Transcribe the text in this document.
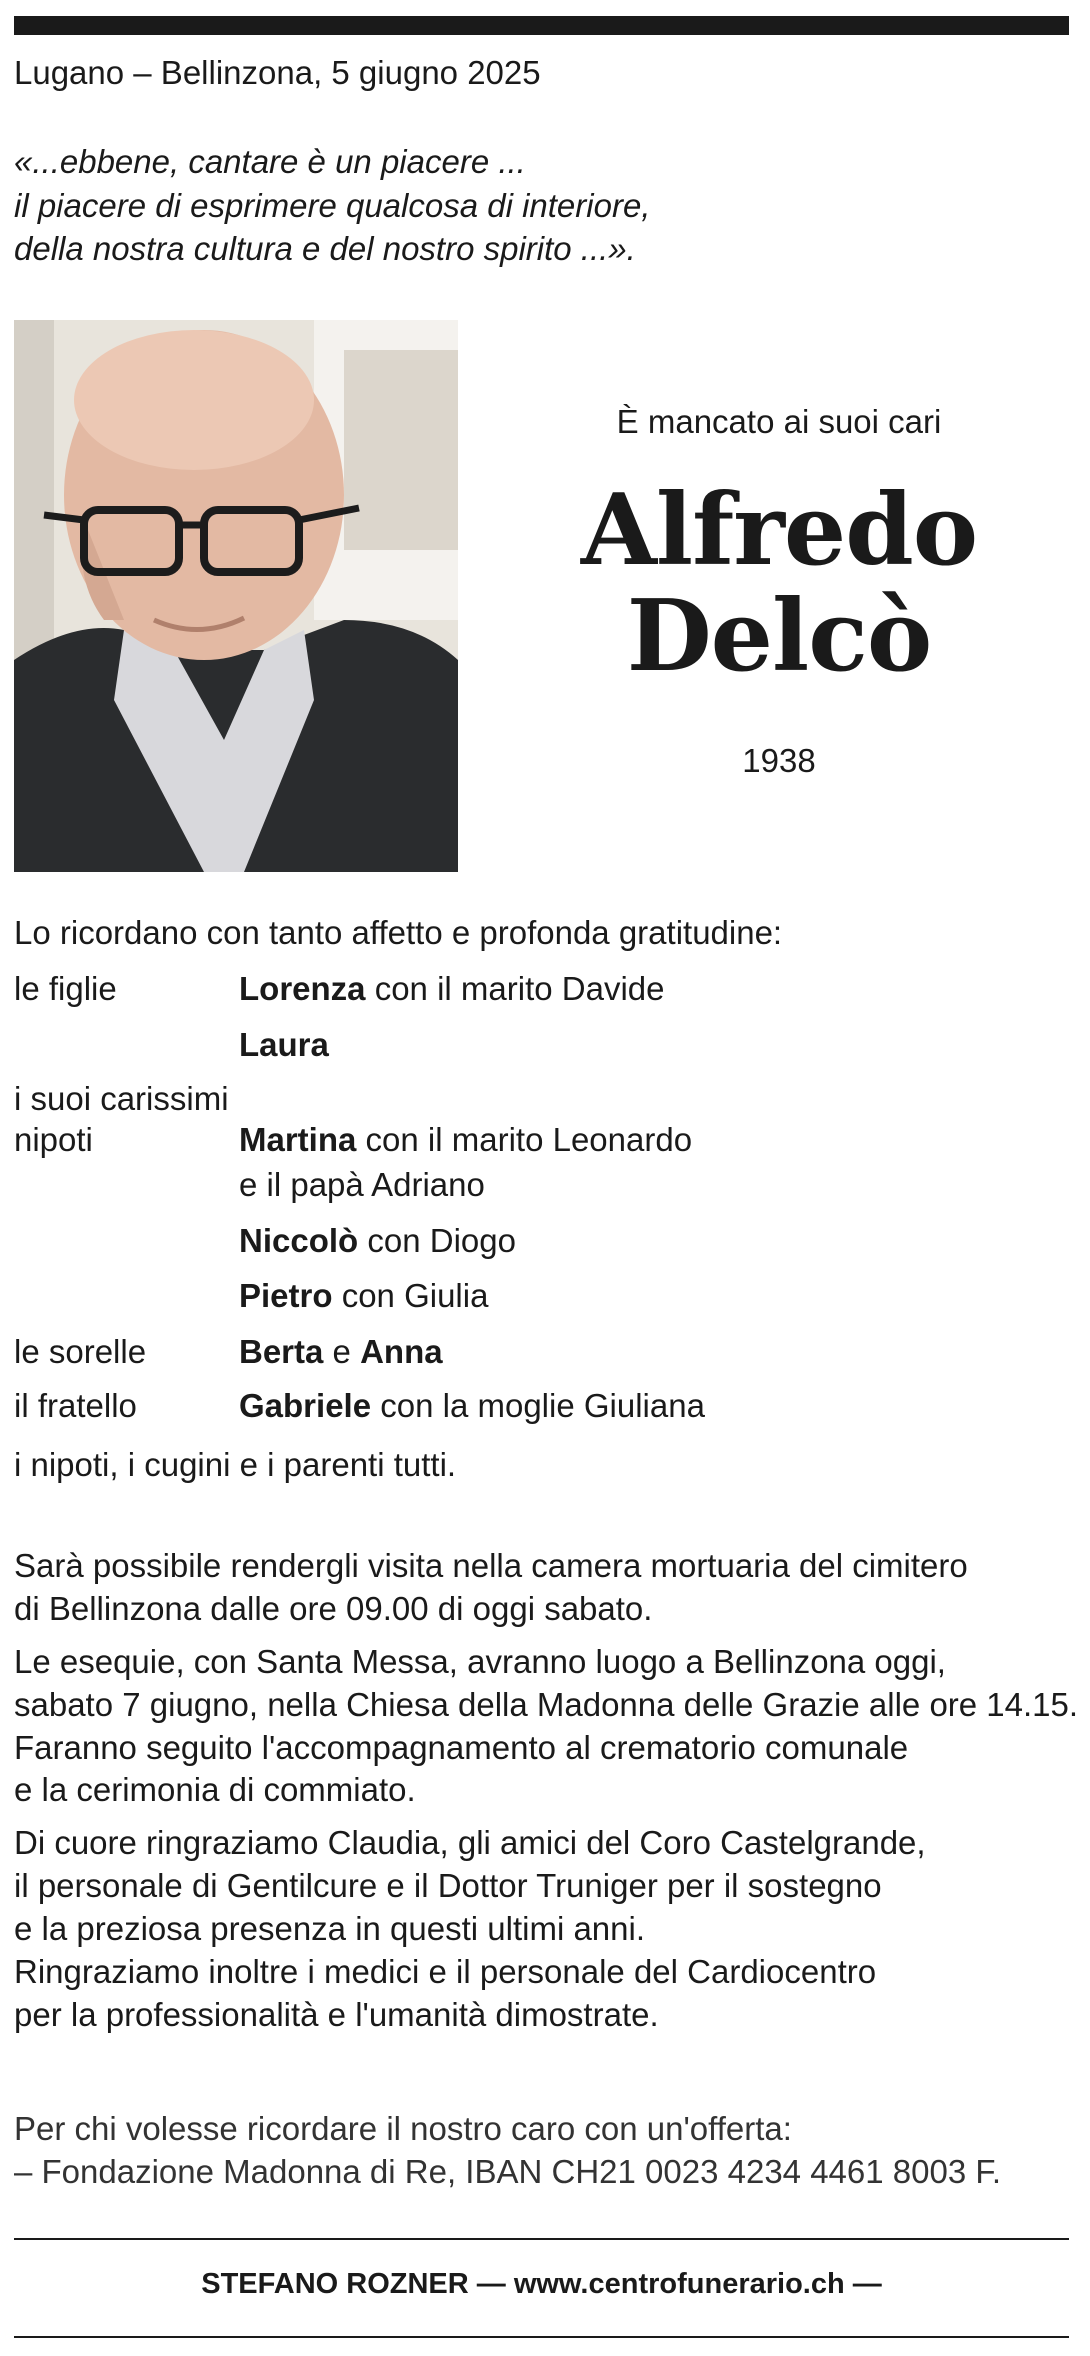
Lugano – Bellinzona, 5 giugno 2025
«...ebbene, cantare è un piacere ...
il piacere di esprimere qualcosa di interiore,
della nostra cultura e del nostro spirito ...».
È mancato ai suoi cari
Alfredo
Delcò
1938
Lo ricordano con tanto affetto e profonda gratitudine:
le figlie	Lorenza con il marito Davide
Laura
i suoi carissimi
nipoti	Martina con il marito Leonardo
e il papà Adriano
Niccolò con Diogo
Pietro con Giulia
le sorelle	Berta e Anna
il fratello	Gabriele con la moglie Giuliana
i nipoti, i cugini e i parenti tutti.
Sarà possibile rendergli visita nella camera mortuaria del cimitero
di Bellinzona dalle ore 09.00 di oggi sabato.
Le esequie, con Santa Messa, avranno luogo a Bellinzona oggi,
sabato 7 giugno, nella Chiesa della Madonna delle Grazie alle ore 14.15.
Faranno seguito l'accompagnamento al crematorio comunale
e la cerimonia di commiato.
Di cuore ringraziamo Claudia, gli amici del Coro Castelgrande,
il personale di Gentilcure e il Dottor Truniger per il sostegno
e la preziosa presenza in questi ultimi anni.
Ringraziamo inoltre i medici e il personale del Cardiocentro
per la professionalità e l'umanità dimostrate.
Per chi volesse ricordare il nostro caro con un'offerta:
– Fondazione Madonna di Re, IBAN CH21 0023 4234 4461 8003 F.
STEFANO ROZNER — www.centrofunerario.ch —
